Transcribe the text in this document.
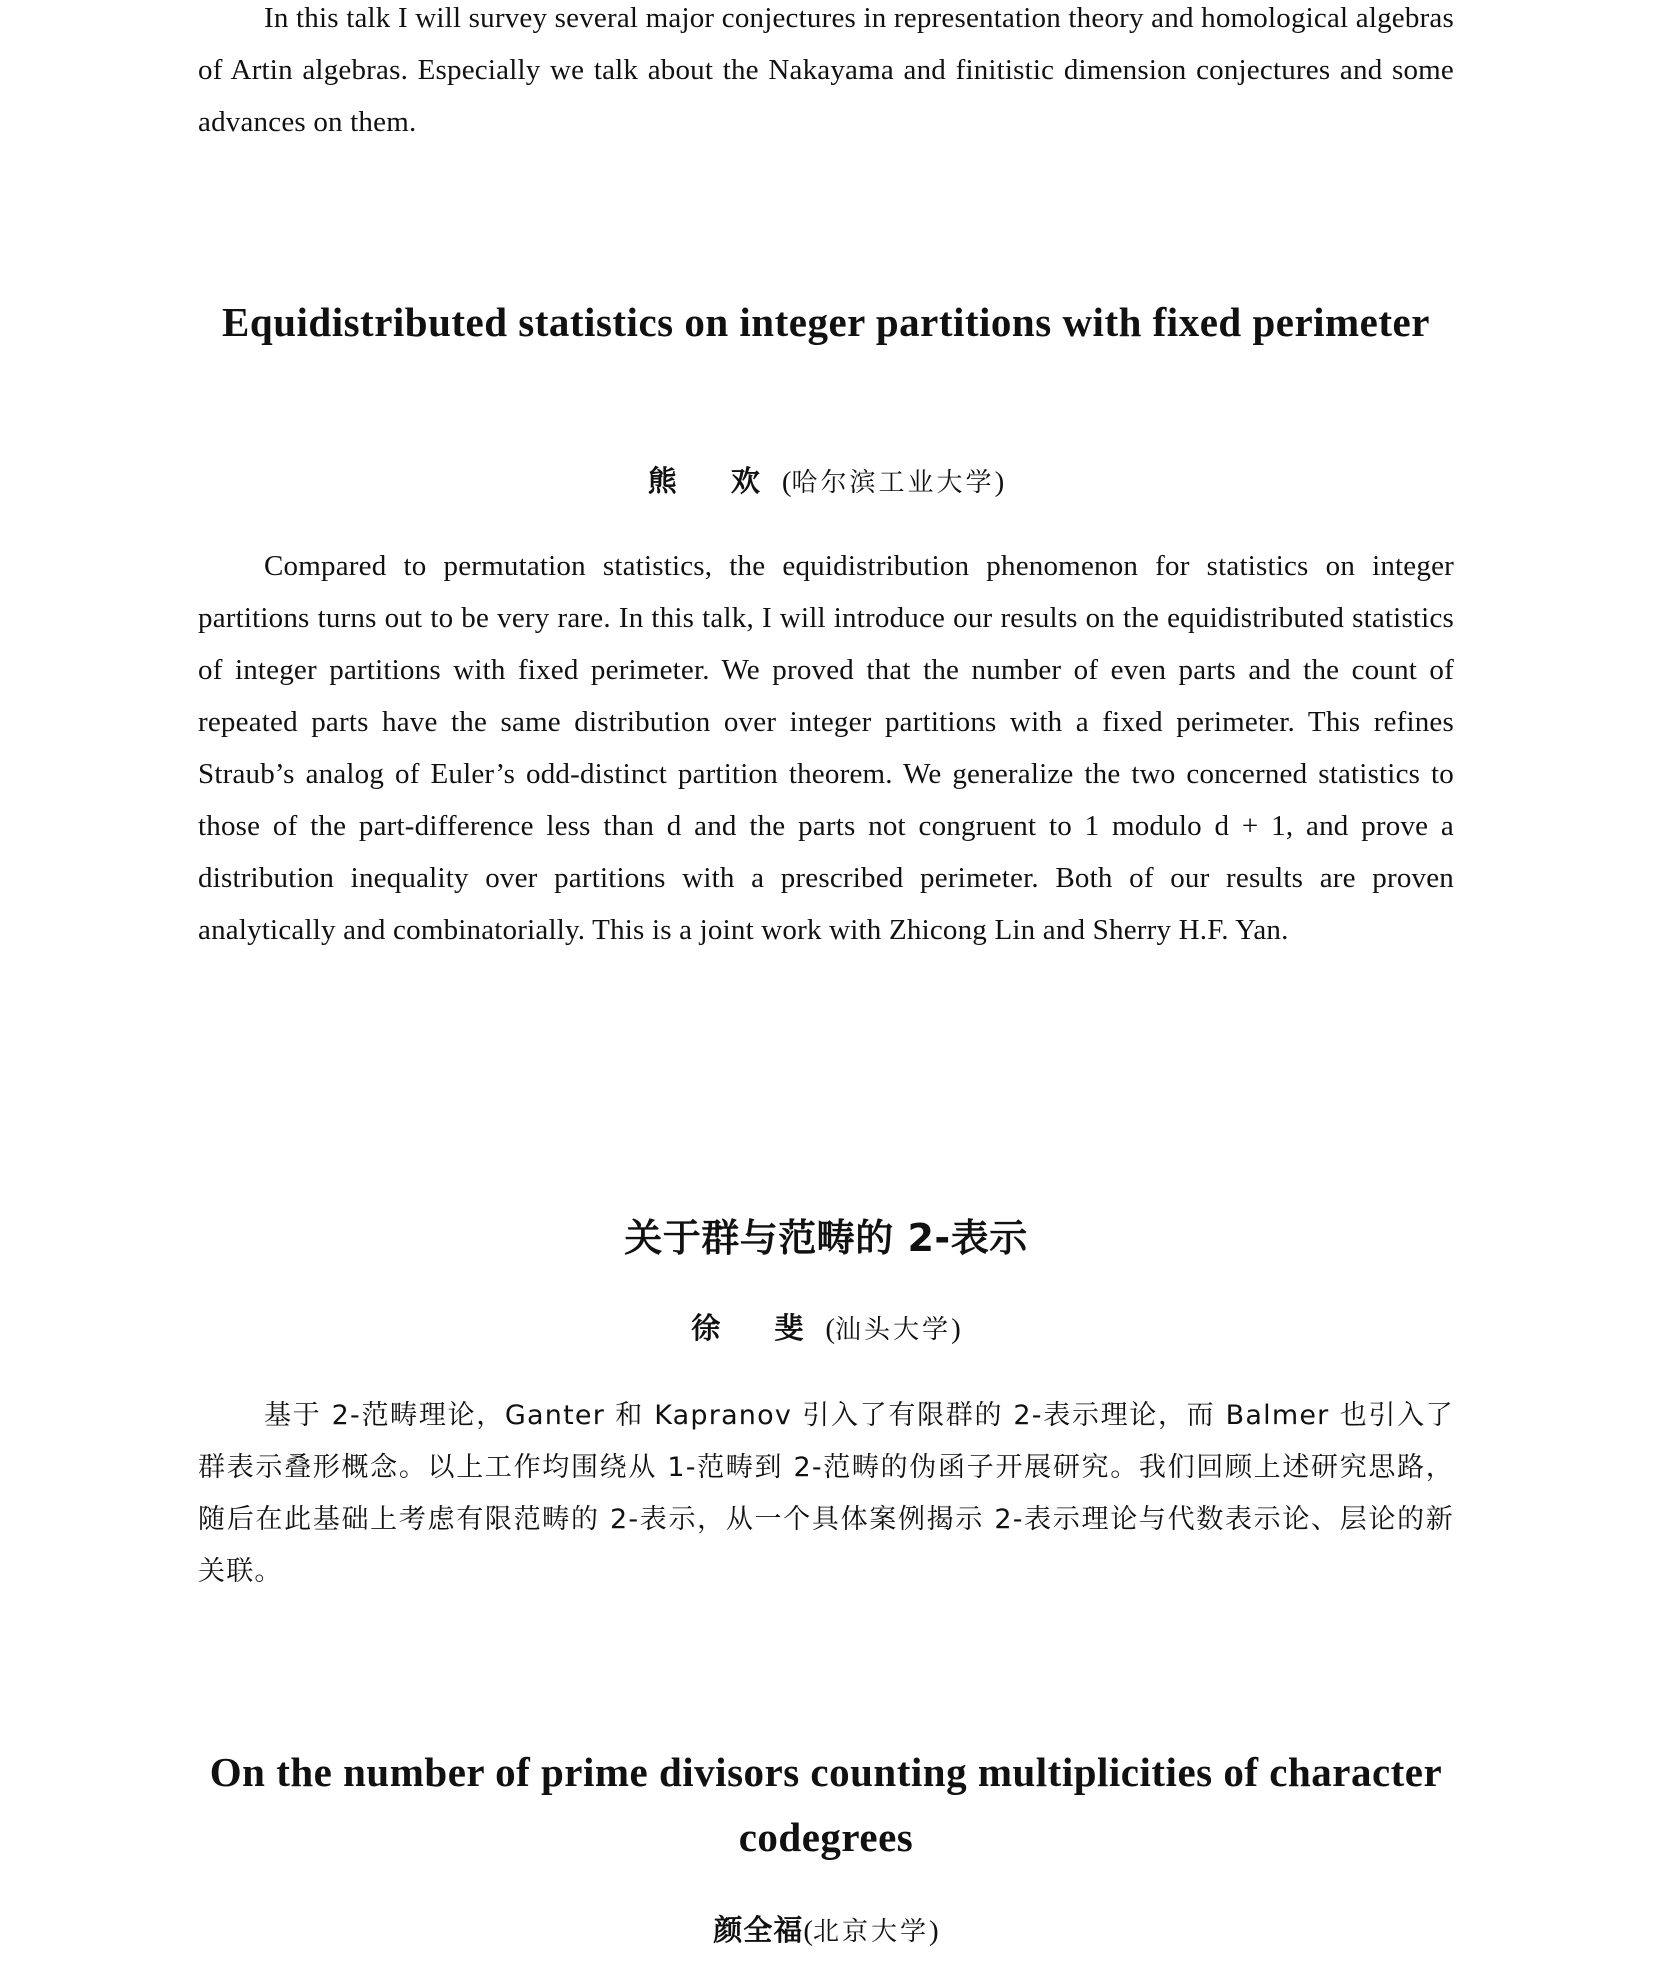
In this talk I will survey several major conjectures in representation theory and homological algebras of Artin algebras. Especially we talk about the Nakayama and finitistic dimension conjectures and some advances on them.

Equidistributed statistics on integer partitions with fixed perimeter
熊 欢(哈尔滨工业大学)

Compared to permutation statistics, the equidistribution phenomenon for statistics on integer partitions turns out to be very rare. In this talk, I will introduce our results on the equidistributed statistics of integer partitions with fixed perimeter. We proved that the number of even parts and the count of repeated parts have the same distribution over integer partitions with a fixed perimeter. This refines Straub’s analog of Euler’s odd-distinct partition theorem. We generalize the two concerned statistics to those of the part-difference less than d and the parts not congruent to 1 modulo d + 1, and prove a distribution inequality over partitions with a prescribed perimeter. Both of our results are proven analytically and combinatorially. This is a joint work with Zhicong Lin and Sherry H.F. Yan.

关于群与范畴的 2-表示
徐 斐(汕头大学)

基于 2-范畴理论，Ganter 和 Kapranov 引入了有限群的 2-表示理论，而 Balmer 也引入了群表示叠形概念。以上工作均围绕从 1-范畴到 2-范畴的伪函子开展研究。我们回顾上述研究思路，随后在此基础上考虑有限范畴的 2-表示，从一个具体案例揭示 2-表示理论与代数表示论、层论的新关联。

On the number of prime divisors counting multiplicities of character codegrees
颜全福(北京大学)
